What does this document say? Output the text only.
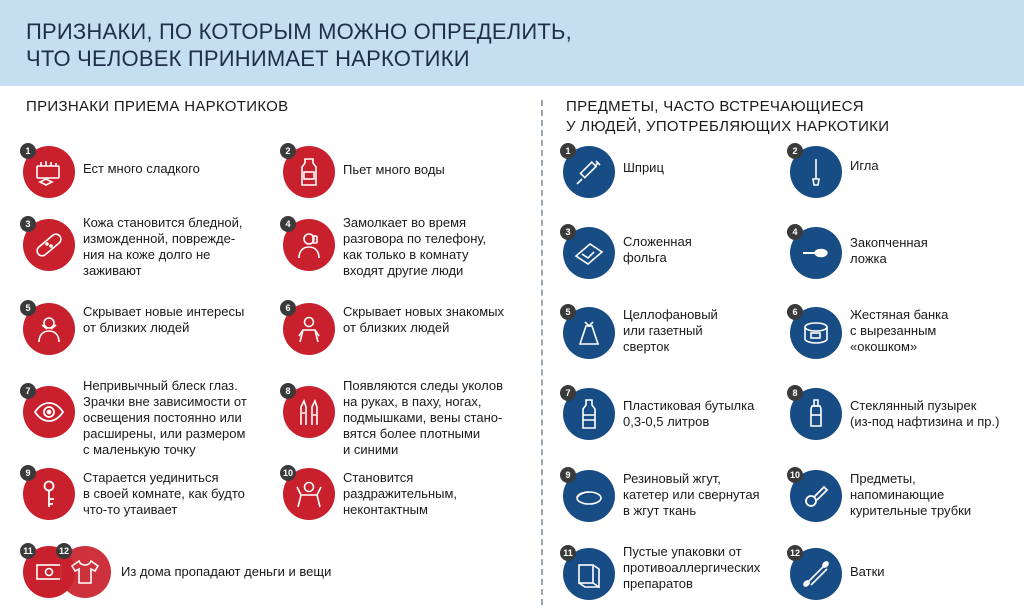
ПРИЗНАКИ, ПО КОТОРЫМ МОЖНО ОПРЕДЕЛИТЬ,
ЧТО ЧЕЛОВЕК ПРИНИМАЕТ НАРКОТИКИ
ПРИЗНАКИ ПРИЕМА НАРКОТИКОВ	ПРЕДМЕТЫ, ЧАСТО ВСТРЕЧАЮЩИЕСЯ
У ЛЮДЕЙ, УПОТРЕБЛЯЮЩИХ НАРКОТИКИ
1
Ест много сладкого
2
Пьет много воды
3	Кожа становится бледной,
изможденной, поврежде-
ния на коже долго не
заживают
4	Замолкает во время
разговора по телефону,
как только в комнату
входят другие люди
5	Скрывает новые интересы
от близких людей
6	Скрывает новых знакомых
от близких людей
7	Непривычный блеск глаз.
Зрачки вне зависимости от
освещения постоянно или
расширены, или размером
с маленькую точку
8	Появляются следы уколов
на руках, в паху, ногах,
подмышками, вены стано-
вятся более плотными
и синими
9	Старается уединиться
в своей комнате, как будто
что-то утаивает
10	Становится
раздражительным,
неконтактным
11	12
Из дома пропадают деньги и вещи
1
Шприц
2
Игла
3
Сложенная
фольга
4
Закопченная
ложка
5	Целлофановый
или газетный
сверток
6	Жестяная банка
с вырезанным
«окошком»
7
Пластиковая бутылка
0,3-0,5 литров
8
Стеклянный пузырек
(из-под нафтизина и пр.)
9	Резиновый жгут,
катетер или свернутая
в жгут ткань
10	Предметы,
напоминающие
курительные трубки
11	Пустые упаковки от
противоаллергических
препаратов
12
Ватки
